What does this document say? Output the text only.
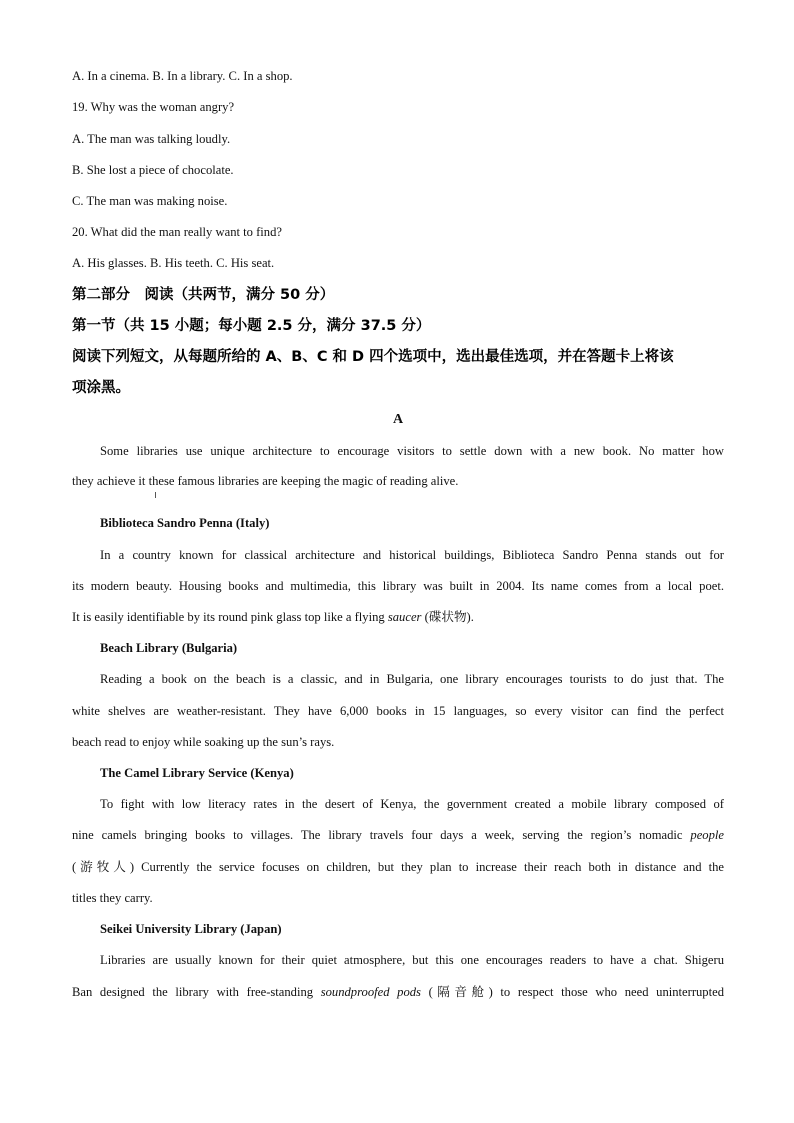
A. In a cinema. B. In a library. C. In a shop.
19. Why was the woman angry?
A. The man was talking loudly.
B. She lost a piece of chocolate.
C. The man was making noise.
20. What did the man really want to find?
A. His glasses. B. His teeth. C. His seat.
第二部分　阅读（共两节，满分 50 分）
第一节（共 15 小题；每小题 2.5 分，满分 37.5 分）
阅读下列短文，从每题所给的 A、B、C 和 D 四个选项中，选出最佳选项，并在答题卡上将该
项涂黑。
A
Some libraries use unique architecture to encourage visitors to settle down with a new book. No matter how
they achieve it these famous libraries are keeping the magic of reading alive.
Biblioteca Sandro Penna (Italy)
In a country known for classical architecture and historical buildings, Biblioteca Sandro Penna stands out for
its modern beauty. Housing books and multimedia, this library was built in 2004. Its name comes from a local poet.
It is easily identifiable by its round pink glass top like a flying saucer (碟状物).
Beach Library (Bulgaria)
Reading a book on the beach is a classic, and in Bulgaria, one library encourages tourists to do just that. The
white shelves are weather-resistant. They have 6,000 books in 15 languages, so every visitor can find the perfect
beach read to enjoy while soaking up the sun’s rays.
The Camel Library Service (Kenya)
To fight with low literacy rates in the desert of Kenya, the government created a mobile library composed of
nine camels bringing books to villages. The library travels four days a week, serving the region’s nomadic people
(游牧人) Currently the service focuses on children, but they plan to increase their reach both in distance and the
titles they carry.
Seikei University Library (Japan)
Libraries are usually known for their quiet atmosphere, but this one encourages readers to have a chat. Shigeru
Ban designed the library with free-standing soundproofed pods (隔音舱) to respect those who need uninterrupted
